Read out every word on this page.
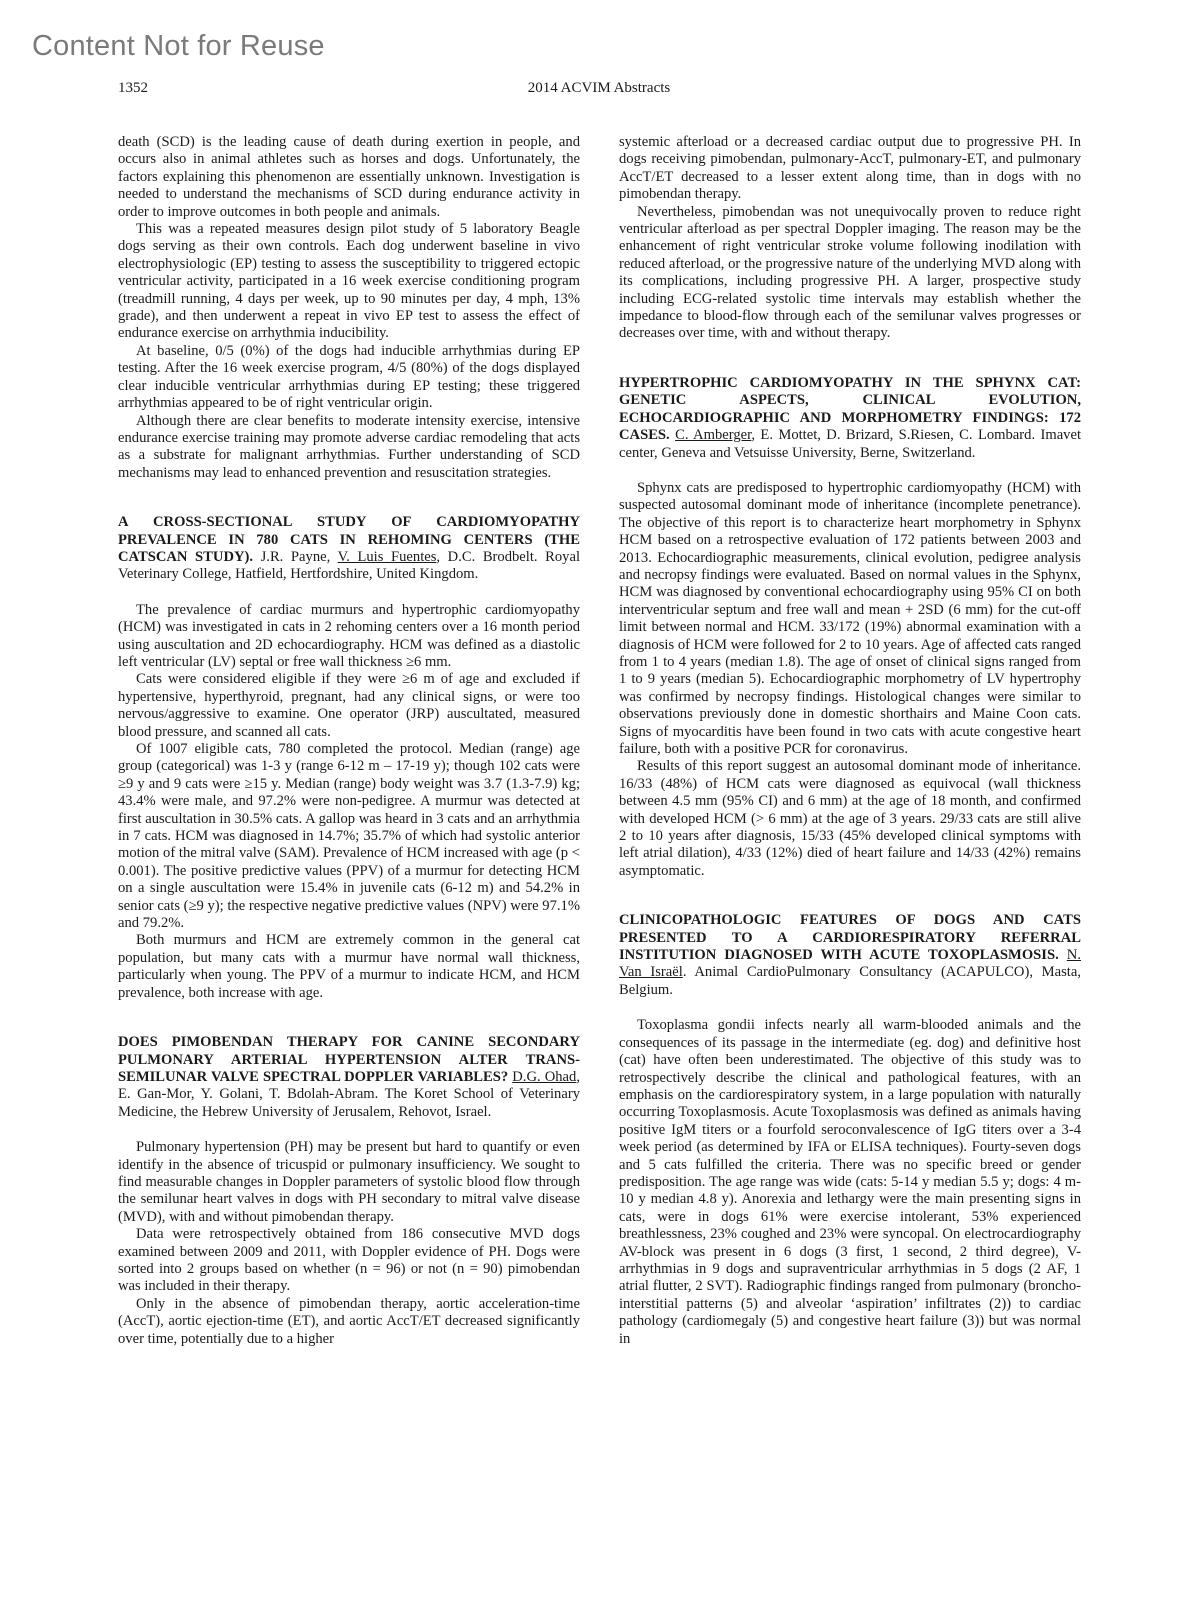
Content Not for Reuse
1352	2014 ACVIM Abstracts

death (SCD) is the leading cause of death during exertion in people, and occurs also in animal athletes such as horses and dogs. Unfortunately, the factors explaining this phenomenon are essentially unknown. Investigation is needed to understand the mechanisms of SCD during endurance activity in order to improve outcomes in both people and animals.

This was a repeated measures design pilot study of 5 laboratory Beagle dogs serving as their own controls. Each dog underwent baseline in vivo electrophysiologic (EP) testing to assess the susceptibility to triggered ectopic ventricular activity, participated in a 16 week exercise conditioning program (treadmill running, 4 days per week, up to 90 minutes per day, 4 mph, 13% grade), and then underwent a repeat in vivo EP test to assess the effect of endurance exercise on arrhythmia inducibility.

At baseline, 0/5 (0%) of the dogs had inducible arrhythmias during EP testing. After the 16 week exercise program, 4/5 (80%) of the dogs displayed clear inducible ventricular arrhythmias during EP testing; these triggered arrhythmias appeared to be of right ventricular origin.

Although there are clear benefits to moderate intensity exercise, intensive endurance exercise training may promote adverse cardiac remodeling that acts as a substrate for malignant arrhythmias. Further understanding of SCD mechanisms may lead to enhanced prevention and resuscitation strategies.

A CROSS-SECTIONAL STUDY OF CARDIOMYOPATHY PREVALENCE IN 780 CATS IN REHOMING CENTERS (THE CATSCAN STUDY). J.R. Payne, V. Luis Fuentes, D.C. Brodbelt. Royal Veterinary College, Hatfield, Hertfordshire, United Kingdom.

The prevalence of cardiac murmurs and hypertrophic cardiomyopathy (HCM) was investigated in cats in 2 rehoming centers over a 16 month period using auscultation and 2D echocardiography. HCM was defined as a diastolic left ventricular (LV) septal or free wall thickness ≥6 mm.

Cats were considered eligible if they were ≥6 m of age and excluded if hypertensive, hyperthyroid, pregnant, had any clinical signs, or were too nervous/aggressive to examine. One operator (JRP) auscultated, measured blood pressure, and scanned all cats.

Of 1007 eligible cats, 780 completed the protocol. Median (range) age group (categorical) was 1-3 y (range 6-12 m – 17-19 y); though 102 cats were ≥9 y and 9 cats were ≥15 y. Median (range) body weight was 3.7 (1.3-7.9) kg; 43.4% were male, and 97.2% were non-pedigree. A murmur was detected at first auscultation in 30.5% cats. A gallop was heard in 3 cats and an arrhythmia in 7 cats. HCM was diagnosed in 14.7%; 35.7% of which had systolic anterior motion of the mitral valve (SAM). Prevalence of HCM increased with age (p < 0.001). The positive predictive values (PPV) of a murmur for detecting HCM on a single auscultation were 15.4% in juvenile cats (6-12 m) and 54.2% in senior cats (≥9 y); the respective negative predictive values (NPV) were 97.1% and 79.2%.

Both murmurs and HCM are extremely common in the general cat population, but many cats with a murmur have normal wall thickness, particularly when young. The PPV of a murmur to indicate HCM, and HCM prevalence, both increase with age.

DOES PIMOBENDAN THERAPY FOR CANINE SECONDARY PULMONARY ARTERIAL HYPERTENSION ALTER TRANS-SEMILUNAR VALVE SPECTRAL DOPPLER VARIABLES? D.G. Ohad, E. Gan-Mor, Y. Golani, T. Bdolah-Abram. The Koret School of Veterinary Medicine, the Hebrew University of Jerusalem, Rehovot, Israel.

Pulmonary hypertension (PH) may be present but hard to quantify or even identify in the absence of tricuspid or pulmonary insufficiency. We sought to find measurable changes in Doppler parameters of systolic blood flow through the semilunar heart valves in dogs with PH secondary to mitral valve disease (MVD), with and without pimobendan therapy.

Data were retrospectively obtained from 186 consecutive MVD dogs examined between 2009 and 2011, with Doppler evidence of PH. Dogs were sorted into 2 groups based on whether (n = 96) or not (n = 90) pimobendan was included in their therapy.

Only in the absence of pimobendan therapy, aortic acceleration-time (AccT), aortic ejection-time (ET), and aortic AccT/ET decreased significantly over time, potentially due to a higher

systemic afterload or a decreased cardiac output due to progressive PH. In dogs receiving pimobendan, pulmonary-AccT, pulmonary-ET, and pulmonary AccT/ET decreased to a lesser extent along time, than in dogs with no pimobendan therapy.

Nevertheless, pimobendan was not unequivocally proven to reduce right ventricular afterload as per spectral Doppler imaging. The reason may be the enhancement of right ventricular stroke volume following inodilation with reduced afterload, or the progressive nature of the underlying MVD along with its complications, including progressive PH. A larger, prospective study including ECG-related systolic time intervals may establish whether the impedance to blood-flow through each of the semilunar valves progresses or decreases over time, with and without therapy.

HYPERTROPHIC CARDIOMYOPATHY IN THE SPHYNX CAT: GENETIC ASPECTS, CLINICAL EVOLUTION, ECHOCARDIOGRAPHIC AND MORPHOMETRY FINDINGS: 172 CASES. C. Amberger, E. Mottet, D. Brizard, S.Riesen, C. Lombard. Imavet center, Geneva and Vetsuisse University, Berne, Switzerland.

Sphynx cats are predisposed to hypertrophic cardiomyopathy (HCM) with suspected autosomal dominant mode of inheritance (incomplete penetrance). The objective of this report is to characterize heart morphometry in Sphynx HCM based on a retrospective evaluation of 172 patients between 2003 and 2013. Echocardiographic measurements, clinical evolution, pedigree analysis and necropsy findings were evaluated. Based on normal values in the Sphynx, HCM was diagnosed by conventional echocardiography using 95% CI on both interventricular septum and free wall and mean + 2SD (6 mm) for the cut-off limit between normal and HCM. 33/172 (19%) abnormal examination with a diagnosis of HCM were followed for 2 to 10 years. Age of affected cats ranged from 1 to 4 years (median 1.8). The age of onset of clinical signs ranged from 1 to 9 years (median 5). Echocardiographic morphometry of LV hypertrophy was confirmed by necropsy findings. Histological changes were similar to observations previously done in domestic shorthairs and Maine Coon cats. Signs of myocarditis have been found in two cats with acute congestive heart failure, both with a positive PCR for coronavirus.

Results of this report suggest an autosomal dominant mode of inheritance. 16/33 (48%) of HCM cats were diagnosed as equivocal (wall thickness between 4.5 mm (95% CI) and 6 mm) at the age of 18 month, and confirmed with developed HCM (> 6 mm) at the age of 3 years. 29/33 cats are still alive 2 to 10 years after diagnosis, 15/33 (45% developed clinical symptoms with left atrial dilation), 4/33 (12%) died of heart failure and 14/33 (42%) remains asymptomatic.

CLINICOPATHOLOGIC FEATURES OF DOGS AND CATS PRESENTED TO A CARDIORESPIRATORY REFERRAL INSTITUTION DIAGNOSED WITH ACUTE TOXOPLASMOSIS. N. Van Israël. Animal CardioPulmonary Consultancy (ACAPULCO), Masta, Belgium.

Toxoplasma gondii infects nearly all warm-blooded animals and the consequences of its passage in the intermediate (eg. dog) and definitive host (cat) have often been underestimated. The objective of this study was to retrospectively describe the clinical and pathological features, with an emphasis on the cardiorespiratory system, in a large population with naturally occurring Toxoplasmosis. Acute Toxoplasmosis was defined as animals having positive IgM titers or a fourfold seroconvalescence of IgG titers over a 3-4 week period (as determined by IFA or ELISA techniques). Fourty-seven dogs and 5 cats fulfilled the criteria. There was no specific breed or gender predisposition. The age range was wide (cats: 5-14 y median 5.5 y; dogs: 4 m-10 y median 4.8 y). Anorexia and lethargy were the main presenting signs in cats, were in dogs 61% were exercise intolerant, 53% experienced breathlessness, 23% coughed and 23% were syncopal. On electrocardiography AV-block was present in 6 dogs (3 first, 1 second, 2 third degree), V-arrhythmias in 9 dogs and supraventricular arrhythmias in 5 dogs (2 AF, 1 atrial flutter, 2 SVT). Radiographic findings ranged from pulmonary (broncho-interstitial patterns (5) and alveolar ‘aspiration’ infiltrates (2)) to cardiac pathology (cardiomegaly (5) and congestive heart failure (3)) but was normal in
